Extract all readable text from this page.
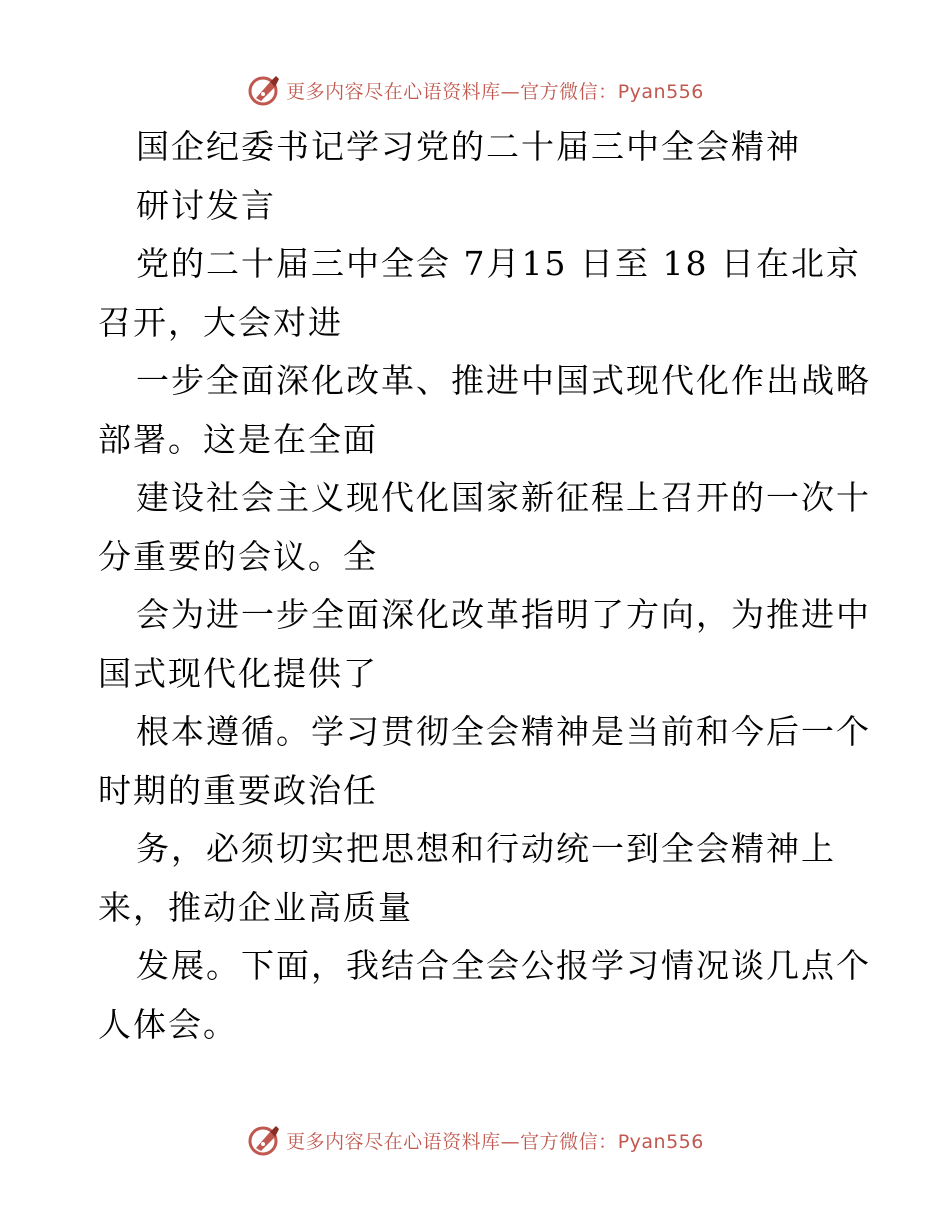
更多内容尽在心语资料库—官方微信：Pyan556
国企纪委书记学习党的二十届三中全会精神
研讨发言
党的二十届三中全会 7月15 日至 18 日在北京
召开，大会对进
一步全面深化改革、推进中国式现代化作出战略
部署。这是在全面
建设社会主义现代化国家新征程上召开的一次十
分重要的会议。全
会为进一步全面深化改革指明了方向，为推进中
国式现代化提供了
根本遵循。学习贯彻全会精神是当前和今后一个
时期的重要政治任
务，必须切实把思想和行动统一到全会精神上
来，推动企业高质量
发展。下面，我结合全会公报学习情况谈几点个
人体会。
更多内容尽在心语资料库—官方微信：Pyan556
